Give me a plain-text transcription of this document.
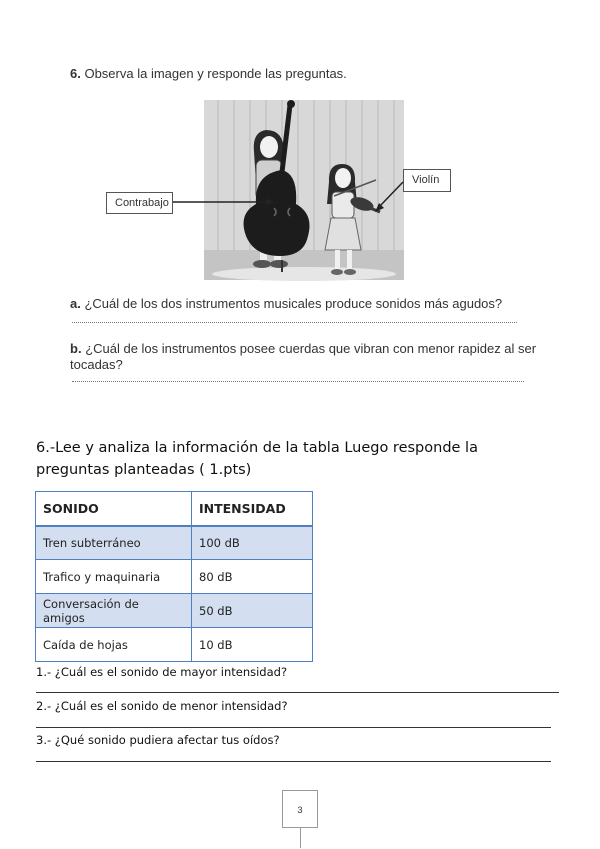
6. Observa la imagen y responde las preguntas.
Contrabajo
Violín
a. ¿Cuál de los dos instrumentos musicales produce sonidos más agudos?
b. ¿Cuál de los instrumentos posee cuerdas que vibran con menor rapidez al ser
tocadas?
6.-Lee y analiza la información de la tabla Luego responde la preguntas planteadas ( 1.pts)
SONIDO	INTENSIDAD
Tren subterráneo	100 dB
Trafico y maquinaria	80 dB
Conversación de amigos	50 dB
Caída de hojas	10 dB
1.- ¿Cuál es el sonido de mayor intensidad?
2.- ¿Cuál es el sonido de menor intensidad?
3.- ¿Qué sonido pudiera afectar tus oídos?
3
